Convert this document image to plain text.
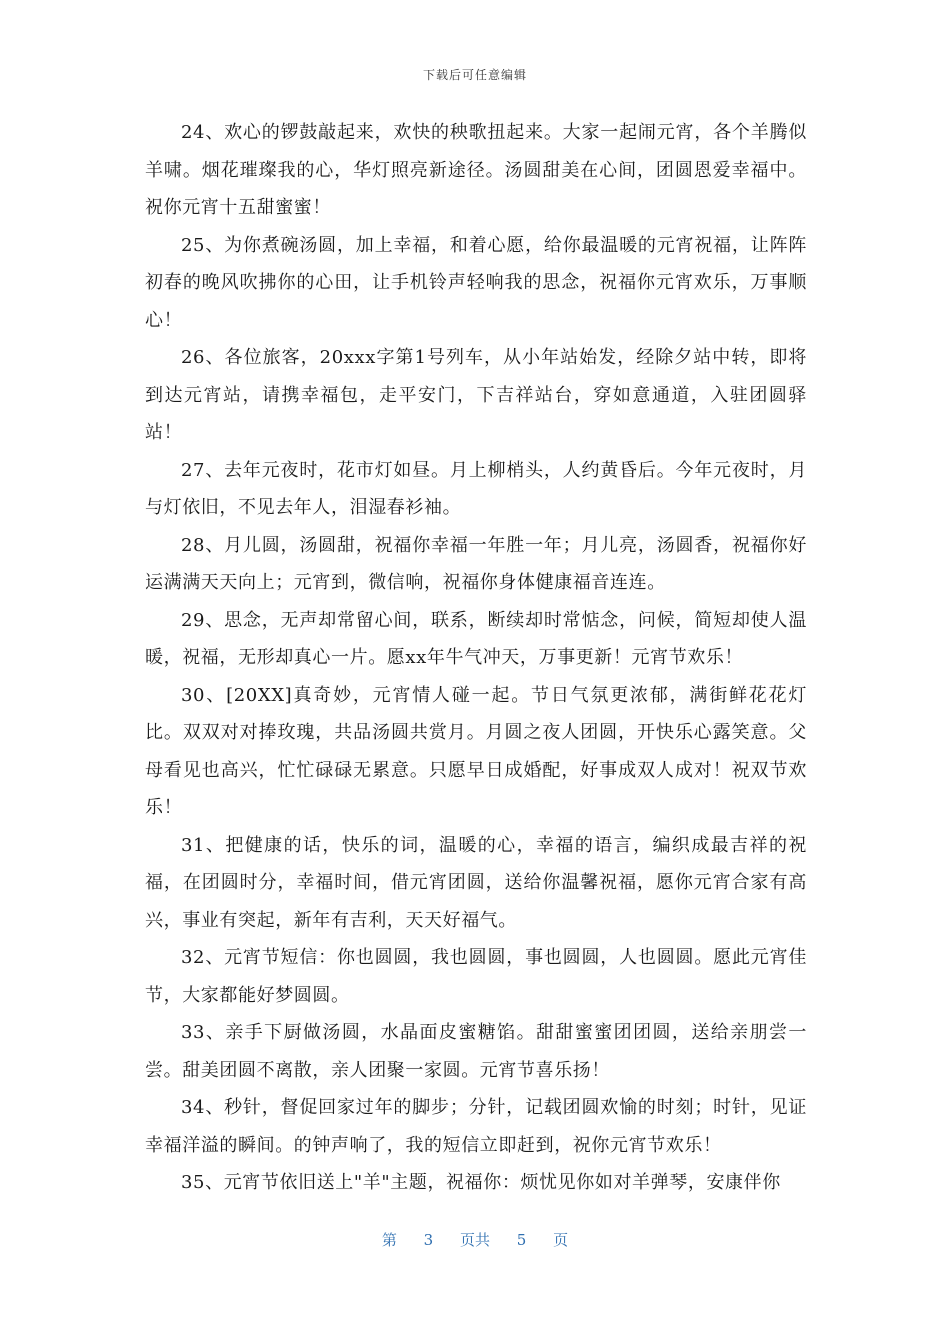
下载后可任意编辑

24、欢心的锣鼓敲起来，欢快的秧歌扭起来。大家一起闹元宵，各个羊腾似羊啸。烟花璀璨我的心，华灯照亮新途径。汤圆甜美在心间，团圆恩爱幸福中。祝你元宵十五甜蜜蜜！

25、为你煮碗汤圆，加上幸福，和着心愿，给你最温暖的元宵祝福，让阵阵初春的晚风吹拂你的心田，让手机铃声轻响我的思念，祝福你元宵欢乐，万事顺心！

26、各位旅客，20xxx字第1号列车，从小年站始发，经除夕站中转，即将到达元宵站，请携幸福包，走平安门，下吉祥站台，穿如意通道，入驻团圆驿站！

27、去年元夜时，花市灯如昼。月上柳梢头，人约黄昏后。今年元夜时，月与灯依旧，不见去年人，泪湿春衫袖。

28、月儿圆，汤圆甜，祝福你幸福一年胜一年；月儿亮，汤圆香，祝福你好运满满天天向上；元宵到，微信响，祝福你身体健康福音连连。

29、思念，无声却常留心间，联系，断续却时常惦念，问候，简短却使人温暖，祝福，无形却真心一片。愿xx年牛气冲天，万事更新！元宵节欢乐！

30、[20XX]真奇妙，元宵情人碰一起。节日气氛更浓郁，满街鲜花花灯比。双双对对捧玫瑰，共品汤圆共赏月。月圆之夜人团圆，开快乐心露笑意。父母看见也高兴，忙忙碌碌无累意。只愿早日成婚配，好事成双人成对！祝双节欢乐！

31、把健康的话，快乐的词，温暖的心，幸福的语言，编织成最吉祥的祝福，在团圆时分，幸福时间，借元宵团圆，送给你温馨祝福，愿你元宵合家有高兴，事业有突起，新年有吉利，天天好福气。

32、元宵节短信：你也圆圆，我也圆圆，事也圆圆，人也圆圆。愿此元宵佳节，大家都能好梦圆圆。

33、亲手下厨做汤圆，水晶面皮蜜糖馅。甜甜蜜蜜团团圆，送给亲朋尝一尝。甜美团圆不离散，亲人团聚一家圆。元宵节喜乐扬！

34、秒针，督促回家过年的脚步；分针，记载团圆欢愉的时刻；时针，见证幸福洋溢的瞬间。的钟声响了，我的短信立即赶到，祝你元宵节欢乐！

35、元宵节依旧送上"羊"主题，祝福你：烦忧见你如对羊弹琴，安康伴你

第 3 页共 5 页
